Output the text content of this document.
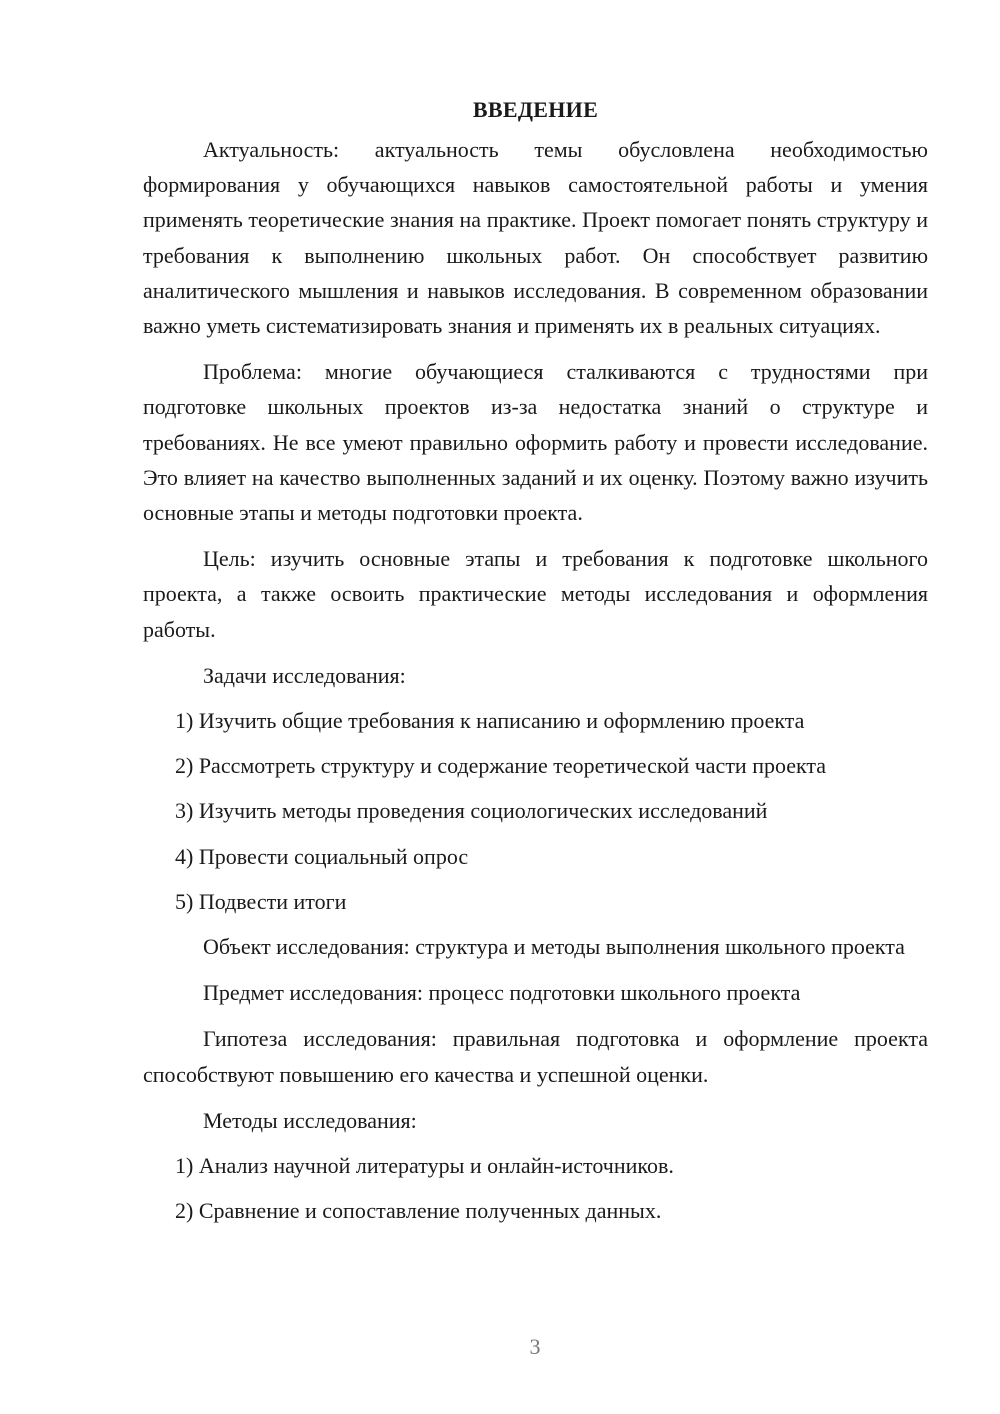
ВВЕДЕНИЕ

Актуальность: актуальность темы обусловлена необходимостью формирования у обучающихся навыков самостоятельной работы и умения применять теоретические знания на практике. Проект помогает понять структуру и требования к выполнению школьных работ. Он способствует развитию аналитического мышления и навыков исследования. В современном образовании важно уметь систематизировать знания и применять их в реальных ситуациях.

Проблема: многие обучающиеся сталкиваются с трудностями при подготовке школьных проектов из-за недостатка знаний о структуре и требованиях. Не все умеют правильно оформить работу и провести исследование. Это влияет на качество выполненных заданий и их оценку. Поэтому важно изучить основные этапы и методы подготовки проекта.

Цель: изучить основные этапы и требования к подготовке школьного проекта, а также освоить практические методы исследования и оформления работы.

Задачи исследования:

1) Изучить общие требования к написанию и оформлению проекта
2) Рассмотреть структуру и содержание теоретической части проекта
3) Изучить методы проведения социологических исследований
4) Провести социальный опрос
5) Подвести итоги

Объект исследования: структура и методы выполнения школьного проекта

Предмет исследования: процесс подготовки школьного проекта

Гипотеза исследования: правильная подготовка и оформление проекта способствуют повышению его качества и успешной оценки.

Методы исследования:

1) Анализ научной литературы и онлайн-источников.
2) Сравнение и сопоставление полученных данных.
3
